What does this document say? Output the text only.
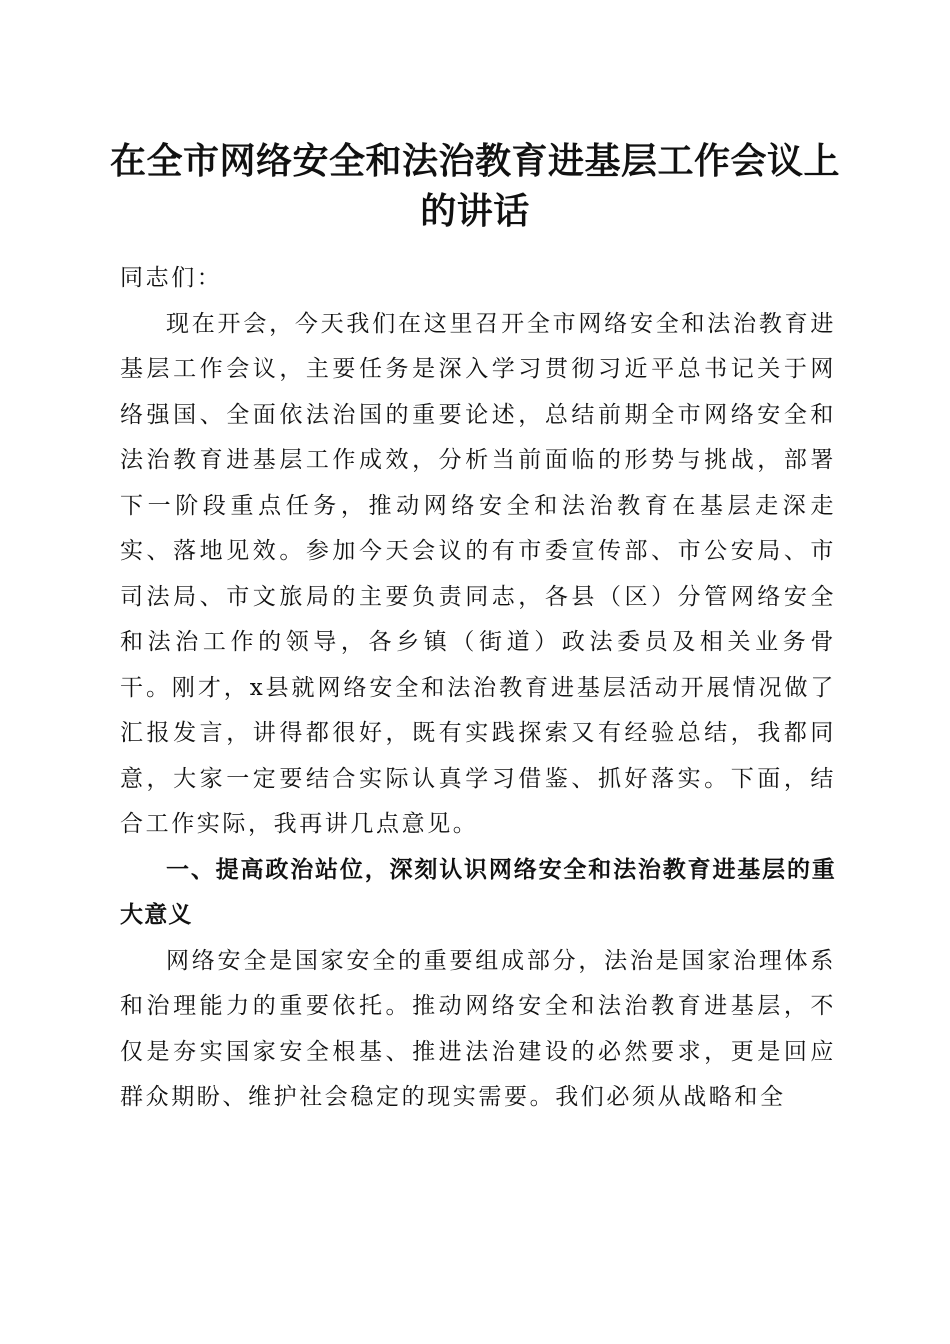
在全市网络安全和法治教育进基层工作会议上的讲话

同志们：

现在开会，今天我们在这里召开全市网络安全和法治教育进基层工作会议，主要任务是深入学习贯彻习近平总书记关于网络强国、全面依法治国的重要论述，总结前期全市网络安全和法治教育进基层工作成效，分析当前面临的形势与挑战，部署下一阶段重点任务，推动网络安全和法治教育在基层走深走实、落地见效。参加今天会议的有市委宣传部、市公安局、市司法局、市文旅局的主要负责同志，各县（区）分管网络安全和法治工作的领导，各乡镇（街道）政法委员及相关业务骨干。刚才，x县就网络安全和法治教育进基层活动开展情况做了汇报发言，讲得都很好，既有实践探索又有经验总结，我都同意，大家一定要结合实际认真学习借鉴、抓好落实。下面，结合工作实际，我再讲几点意见。

一、提高政治站位，深刻认识网络安全和法治教育进基层的重大意义

网络安全是国家安全的重要组成部分，法治是国家治理体系和治理能力的重要依托。推动网络安全和法治教育进基层，不仅是夯实国家安全根基、推进法治建设的必然要求，更是回应群众期盼、维护社会稳定的现实需要。我们必须从战略和全
